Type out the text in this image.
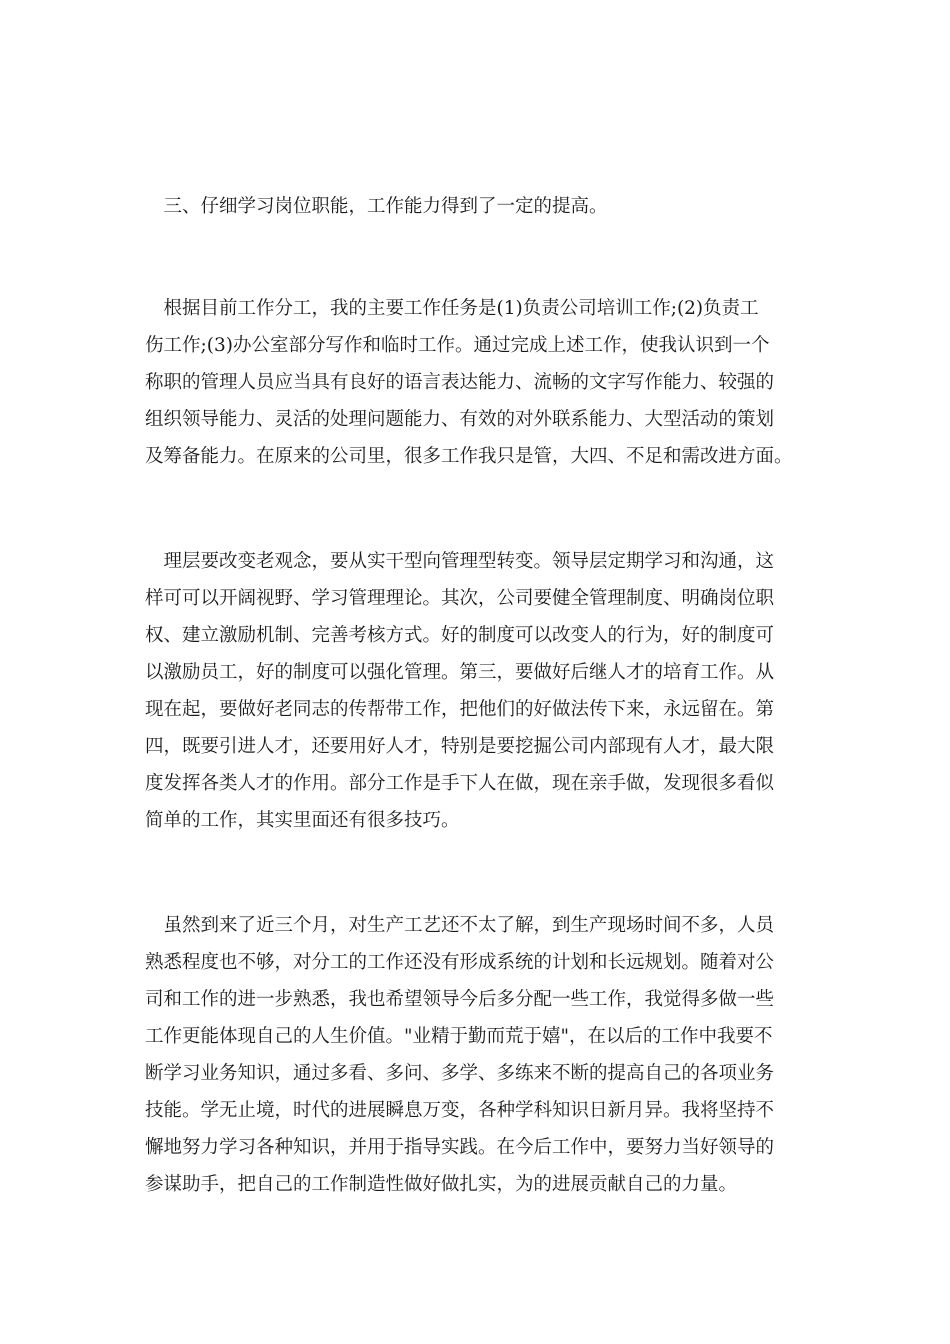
　三、仔细学习岗位职能，工作能力得到了一定的提高。
　根据目前工作分工，我的主要工作任务是(1)负责公司培训工作;(2)负责工
伤工作;(3)办公室部分写作和临时工作。通过完成上述工作，使我认识到一个
称职的管理人员应当具有良好的语言表达能力、流畅的文字写作能力、较强的
组织领导能力、灵活的处理问题能力、有效的对外联系能力、大型活动的策划
及筹备能力。在原来的公司里，很多工作我只是管，大四、不足和需改进方面。
　理层要改变老观念，要从实干型向管理型转变。领导层定期学习和沟通，这
样可可以开阔视野、学习管理理论。其次，公司要健全管理制度、明确岗位职
权、建立激励机制、完善考核方式。好的制度可以改变人的行为，好的制度可
以激励员工，好的制度可以强化管理。第三，要做好后继人才的培育工作。从
现在起，要做好老同志的传帮带工作，把他们的好做法传下来，永远留在。第
四，既要引进人才，还要用好人才，特别是要挖掘公司内部现有人才，最大限
度发挥各类人才的作用。部分工作是手下人在做，现在亲手做，发现很多看似
简单的工作，其实里面还有很多技巧。
　虽然到来了近三个月，对生产工艺还不太了解，到生产现场时间不多，人员
熟悉程度也不够，对分工的工作还没有形成系统的计划和长远规划。随着对公
司和工作的进一步熟悉，我也希望领导今后多分配一些工作，我觉得多做一些
工作更能体现自己的人生价值。"业精于勤而荒于嬉"，在以后的工作中我要不
断学习业务知识，通过多看、多问、多学、多练来不断的提高自己的各项业务
技能。学无止境，时代的进展瞬息万变，各种学科知识日新月异。我将坚持不
懈地努力学习各种知识，并用于指导实践。在今后工作中，要努力当好领导的
参谋助手，把自己的工作制造性做好做扎实，为的进展贡献自己的力量。
